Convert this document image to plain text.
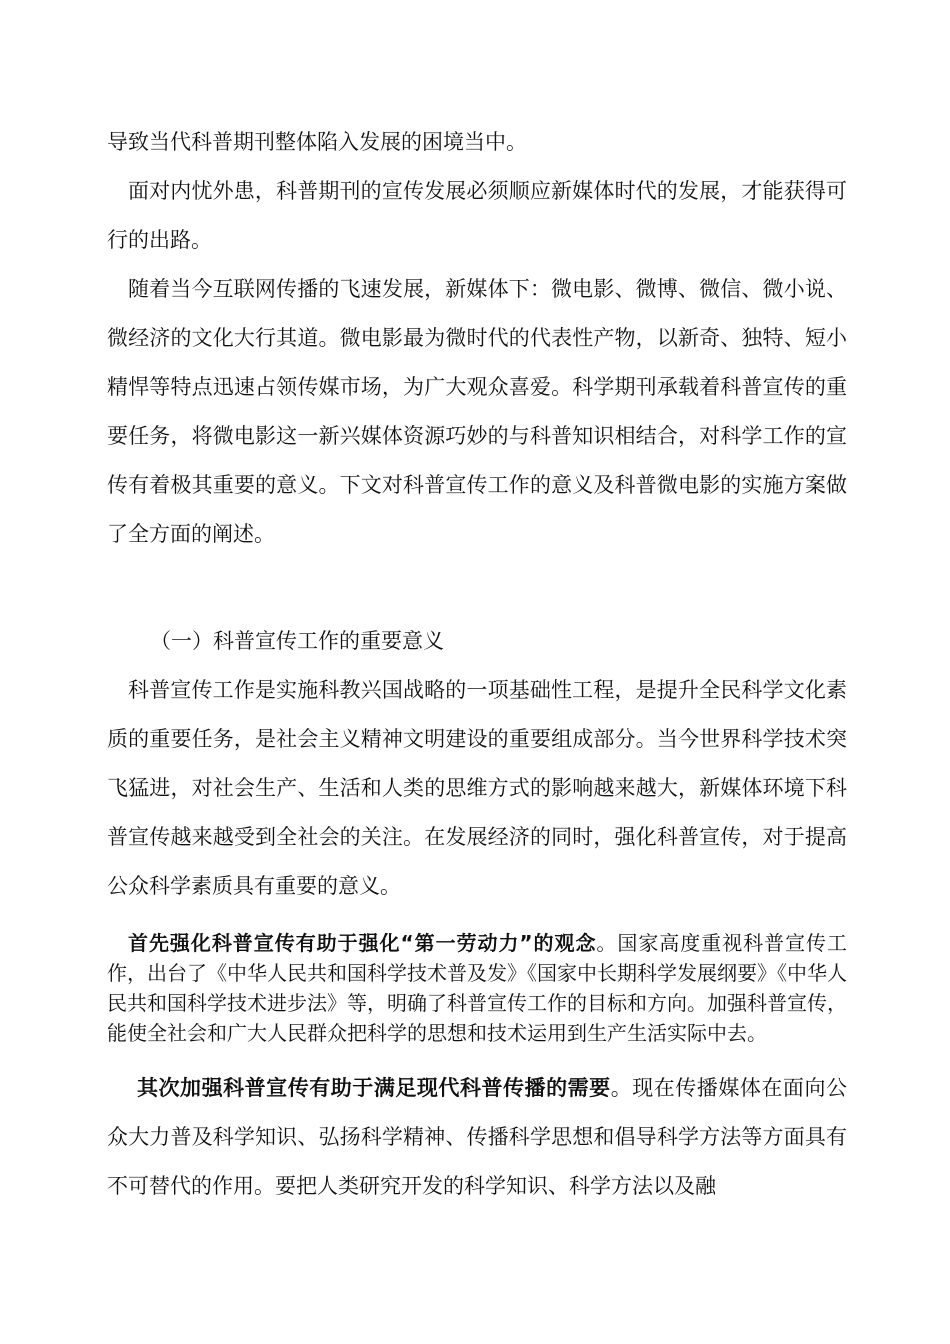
导致当代科普期刊整体陷入发展的困境当中。

面对内忧外患，科普期刊的宣传发展必须顺应新媒体时代的发展，才能获得可行的出路。

随着当今互联网传播的飞速发展，新媒体下：微电影、微博、微信、微小说、微经济的文化大行其道。微电影最为微时代的代表性产物，以新奇、独特、短小精悍等特点迅速占领传媒市场，为广大观众喜爱。科学期刊承载着科普宣传的重要任务，将微电影这一新兴媒体资源巧妙的与科普知识相结合，对科学工作的宣传有着极其重要的意义。下文对科普宣传工作的意义及科普微电影的实施方案做了全方面的阐述。

（一）科普宣传工作的重要意义

科普宣传工作是实施科教兴国战略的一项基础性工程，是提升全民科学文化素质的重要任务，是社会主义精神文明建设的重要组成部分。当今世界科学技术突飞猛进，对社会生产、生活和人类的思维方式的影响越来越大，新媒体环境下科普宣传越来越受到全社会的关注。在发展经济的同时，强化科普宣传，对于提高公众科学素质具有重要的意义。

首先强化科普宣传有助于强化“第一劳动力”的观念。国家高度重视科普宣传工作，出台了《中华人民共和国科学技术普及发》《国家中长期科学发展纲要》《中华人民共和国科学技术进步法》等，明确了科普宣传工作的目标和方向。加强科普宣传，能使全社会和广大人民群众把科学的思想和技术运用到生产生活实际中去。

其次加强科普宣传有助于满足现代科普传播的需要。现在传播媒体在面向公众大力普及科学知识、弘扬科学精神、传播科学思想和倡导科学方法等方面具有不可替代的作用。要把人类研究开发的科学知识、科学方法以及融
